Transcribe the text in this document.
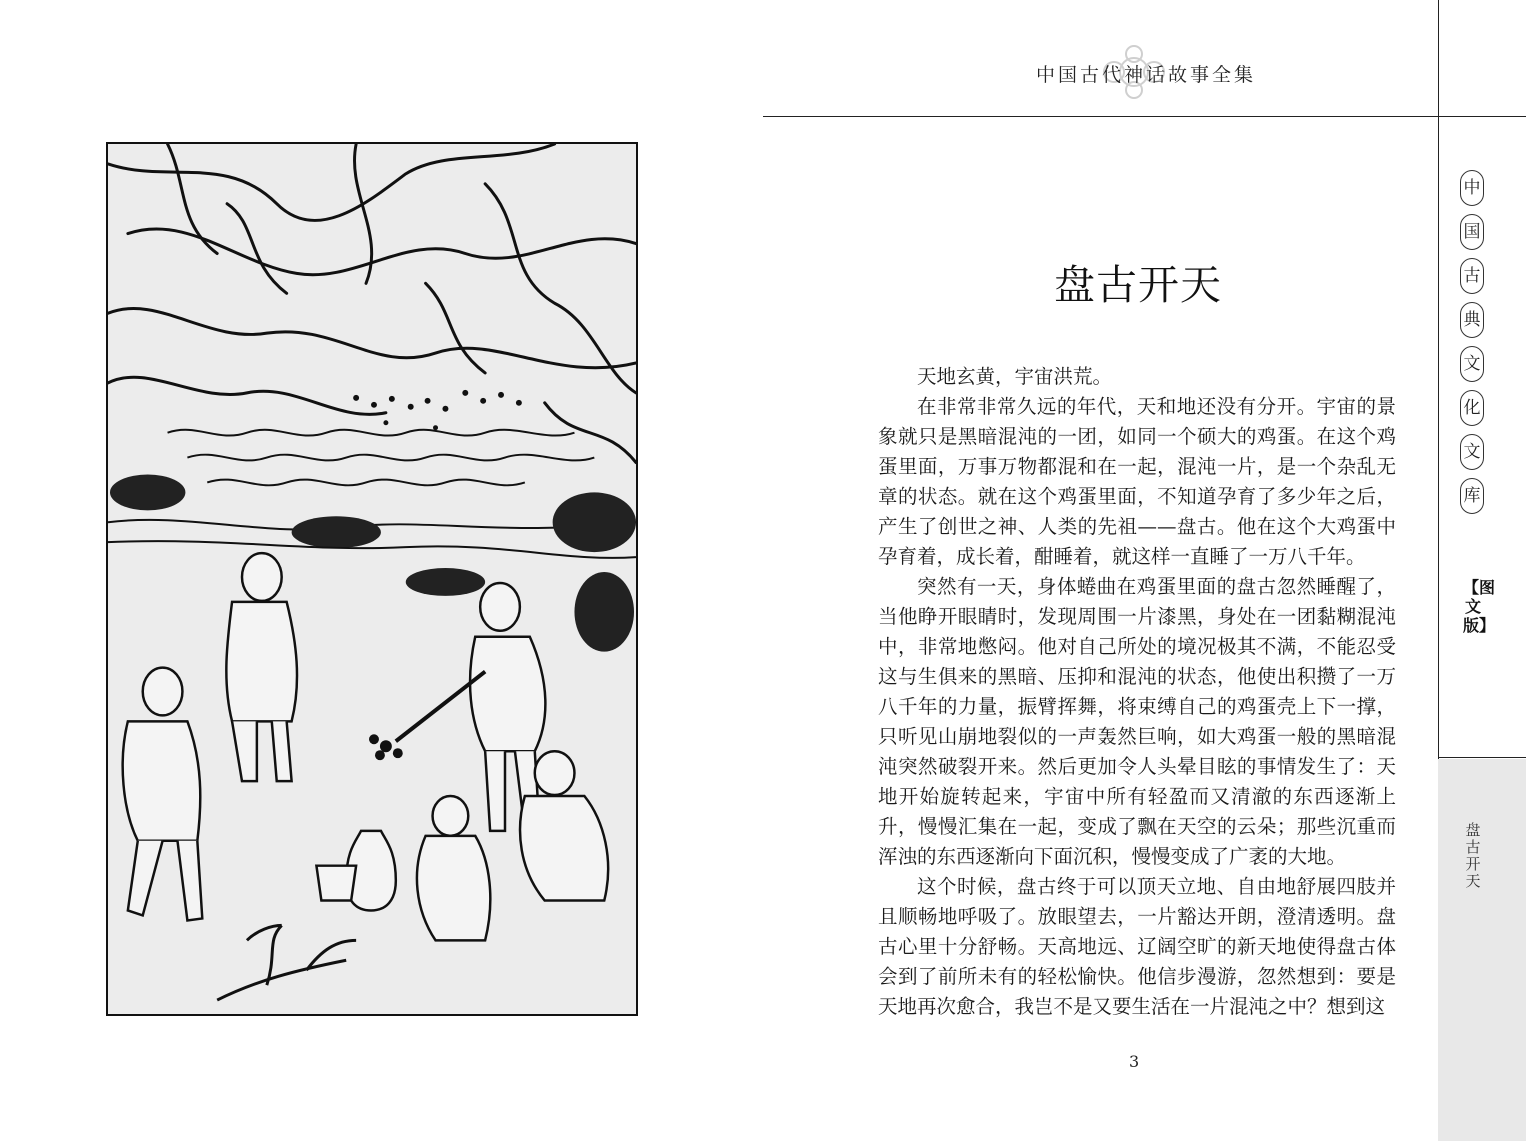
中国古代神话故事全集
盘古开天

天地玄黄，宇宙洪荒。

在非常非常久远的年代，天和地还没有分开。宇宙的景象就只是黑暗混沌的一团，如同一个硕大的鸡蛋。在这个鸡蛋里面，万事万物都混和在一起，混沌一片，是一个杂乱无章的状态。就在这个鸡蛋里面，不知道孕育了多少年之后，产生了创世之神、人类的先祖——盘古。他在这个大鸡蛋中孕育着，成长着，酣睡着，就这样一直睡了一万八千年。

突然有一天，身体蜷曲在鸡蛋里面的盘古忽然睡醒了，当他睁开眼睛时，发现周围一片漆黑，身处在一团黏糊混沌中，非常地憋闷。他对自己所处的境况极其不满，不能忍受这与生俱来的黑暗、压抑和混沌的状态，他使出积攒了一万八千年的力量，振臂挥舞，将束缚自己的鸡蛋壳上下一撑，只听见山崩地裂似的一声轰然巨响，如大鸡蛋一般的黑暗混沌突然破裂开来。然后更加令人头晕目眩的事情发生了：天地开始旋转起来，宇宙中所有轻盈而又清澈的东西逐渐上升，慢慢汇集在一起，变成了飘在天空的云朵；那些沉重而浑浊的东西逐渐向下面沉积，慢慢变成了广袤的大地。

这个时候，盘古终于可以顶天立地、自由地舒展四肢并且顺畅地呼吸了。放眼望去，一片豁达开朗，澄清透明。盘古心里十分舒畅。天高地远、辽阔空旷的新天地使得盘古体会到了前所未有的轻松愉快。他信步漫游，忽然想到：要是天地再次愈合，我岂不是又要生活在一片混沌之中？想到这

3
中
国
古
典
文
化
文
库
【图文版】
盘古开天
